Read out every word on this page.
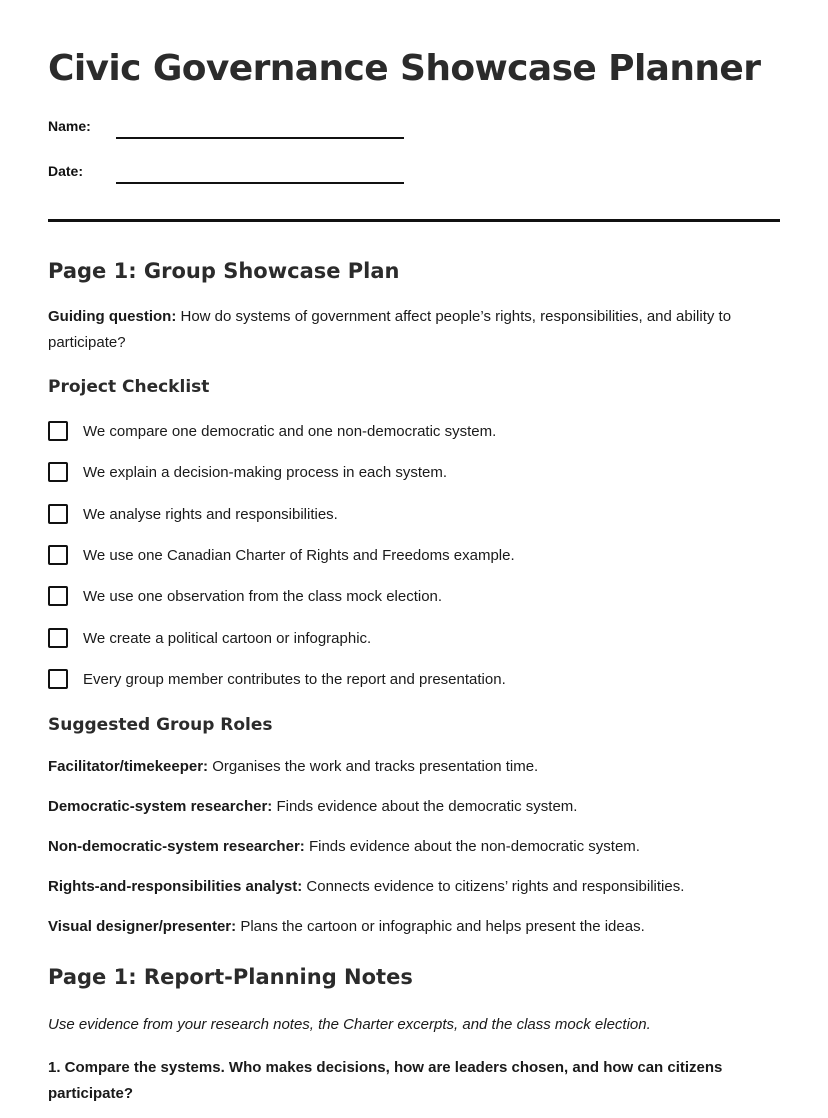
Civic Governance Showcase Planner
Name:
Date:
Page 1: Group Showcase Plan

Guiding question: How do systems of government affect people’s rights, responsibilities, and ability to participate?

Project Checklist
We compare one democratic and one non-democratic system.
We explain a decision-making process in each system.
We analyse rights and responsibilities.
We use one Canadian Charter of Rights and Freedoms example.
We use one observation from the class mock election.
We create a political cartoon or infographic.
Every group member contributes to the report and presentation.
Suggested Group Roles

Facilitator/timekeeper: Organises the work and tracks presentation time.

Democratic-system researcher: Finds evidence about the democratic system.

Non-democratic-system researcher: Finds evidence about the non-democratic system.

Rights-and-responsibilities analyst: Connects evidence to citizens’ rights and responsibilities.

Visual designer/presenter: Plans the cartoon or infographic and helps present the ideas.

Page 1: Report-Planning Notes

Use evidence from your research notes, the Charter excerpts, and the class mock election.

1. Compare the systems. Who makes decisions, how are leaders chosen, and how can citizens participate?
